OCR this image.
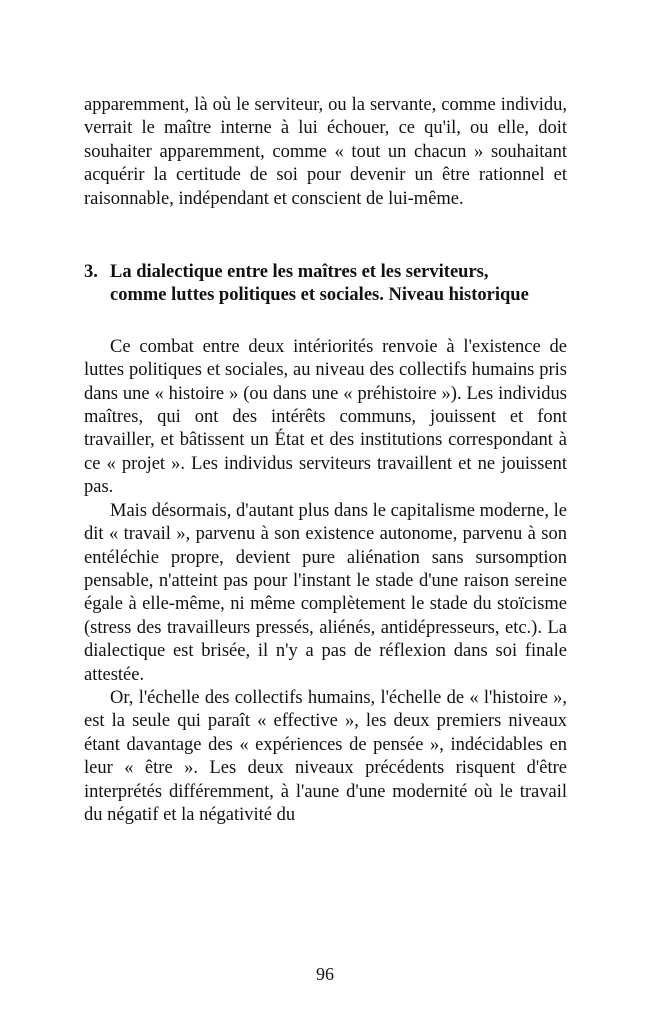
apparemment, là où le serviteur, ou la servante, comme individu, verrait le maître interne à lui échouer, ce qu'il, ou elle, doit souhaiter apparemment, comme « tout un chacun » souhaitant acquérir la certitude de soi pour devenir un être rationnel et raisonnable, indépendant et conscient de lui-même.

3. La dialectique entre les maîtres et les serviteurs, comme luttes politiques et sociales. Niveau historique

Ce combat entre deux intériorités renvoie à l'existence de luttes politiques et sociales, au niveau des collectifs humains pris dans une « histoire » (ou dans une « préhistoire »). Les individus maîtres, qui ont des intérêts communs, jouissent et font travailler, et bâtissent un État et des institutions correspondant à ce « projet ». Les individus serviteurs travaillent et ne jouissent pas.

Mais désormais, d'autant plus dans le capitalisme moderne, le dit « travail », parvenu à son existence autonome, parvenu à son entéléchie propre, devient pure aliénation sans sursomption pensable, n'atteint pas pour l'instant le stade d'une raison sereine égale à elle-même, ni même complètement le stade du stoïcisme (stress des travailleurs pressés, aliénés, antidépresseurs, etc.). La dialectique est brisée, il n'y a pas de réflexion dans soi finale attestée.

Or, l'échelle des collectifs humains, l'échelle de « l'histoire », est la seule qui paraît « effective », les deux premiers niveaux étant davantage des « expériences de pensée », indécidables en leur « être ». Les deux niveaux précédents risquent d'être interprétés différemment, à l'aune d'une modernité où le travail du négatif et la négativité du

96
